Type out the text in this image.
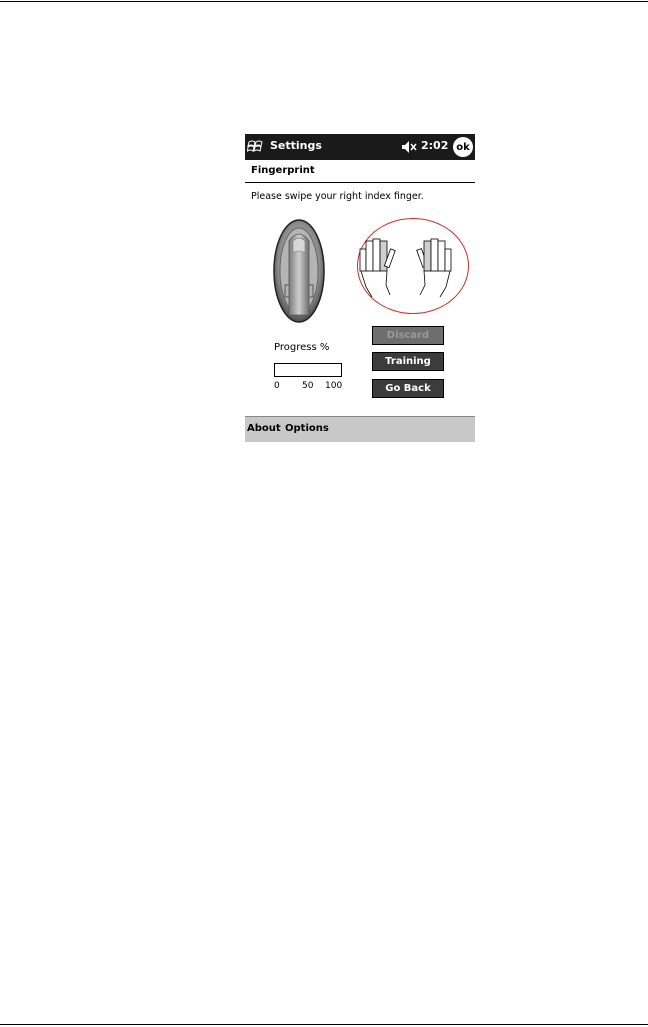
Settings	2:02 ok
Fingerprint
Please swipe your right index finger.
Discard
Training
Go Back
Progress %
0 50 100
About Options
